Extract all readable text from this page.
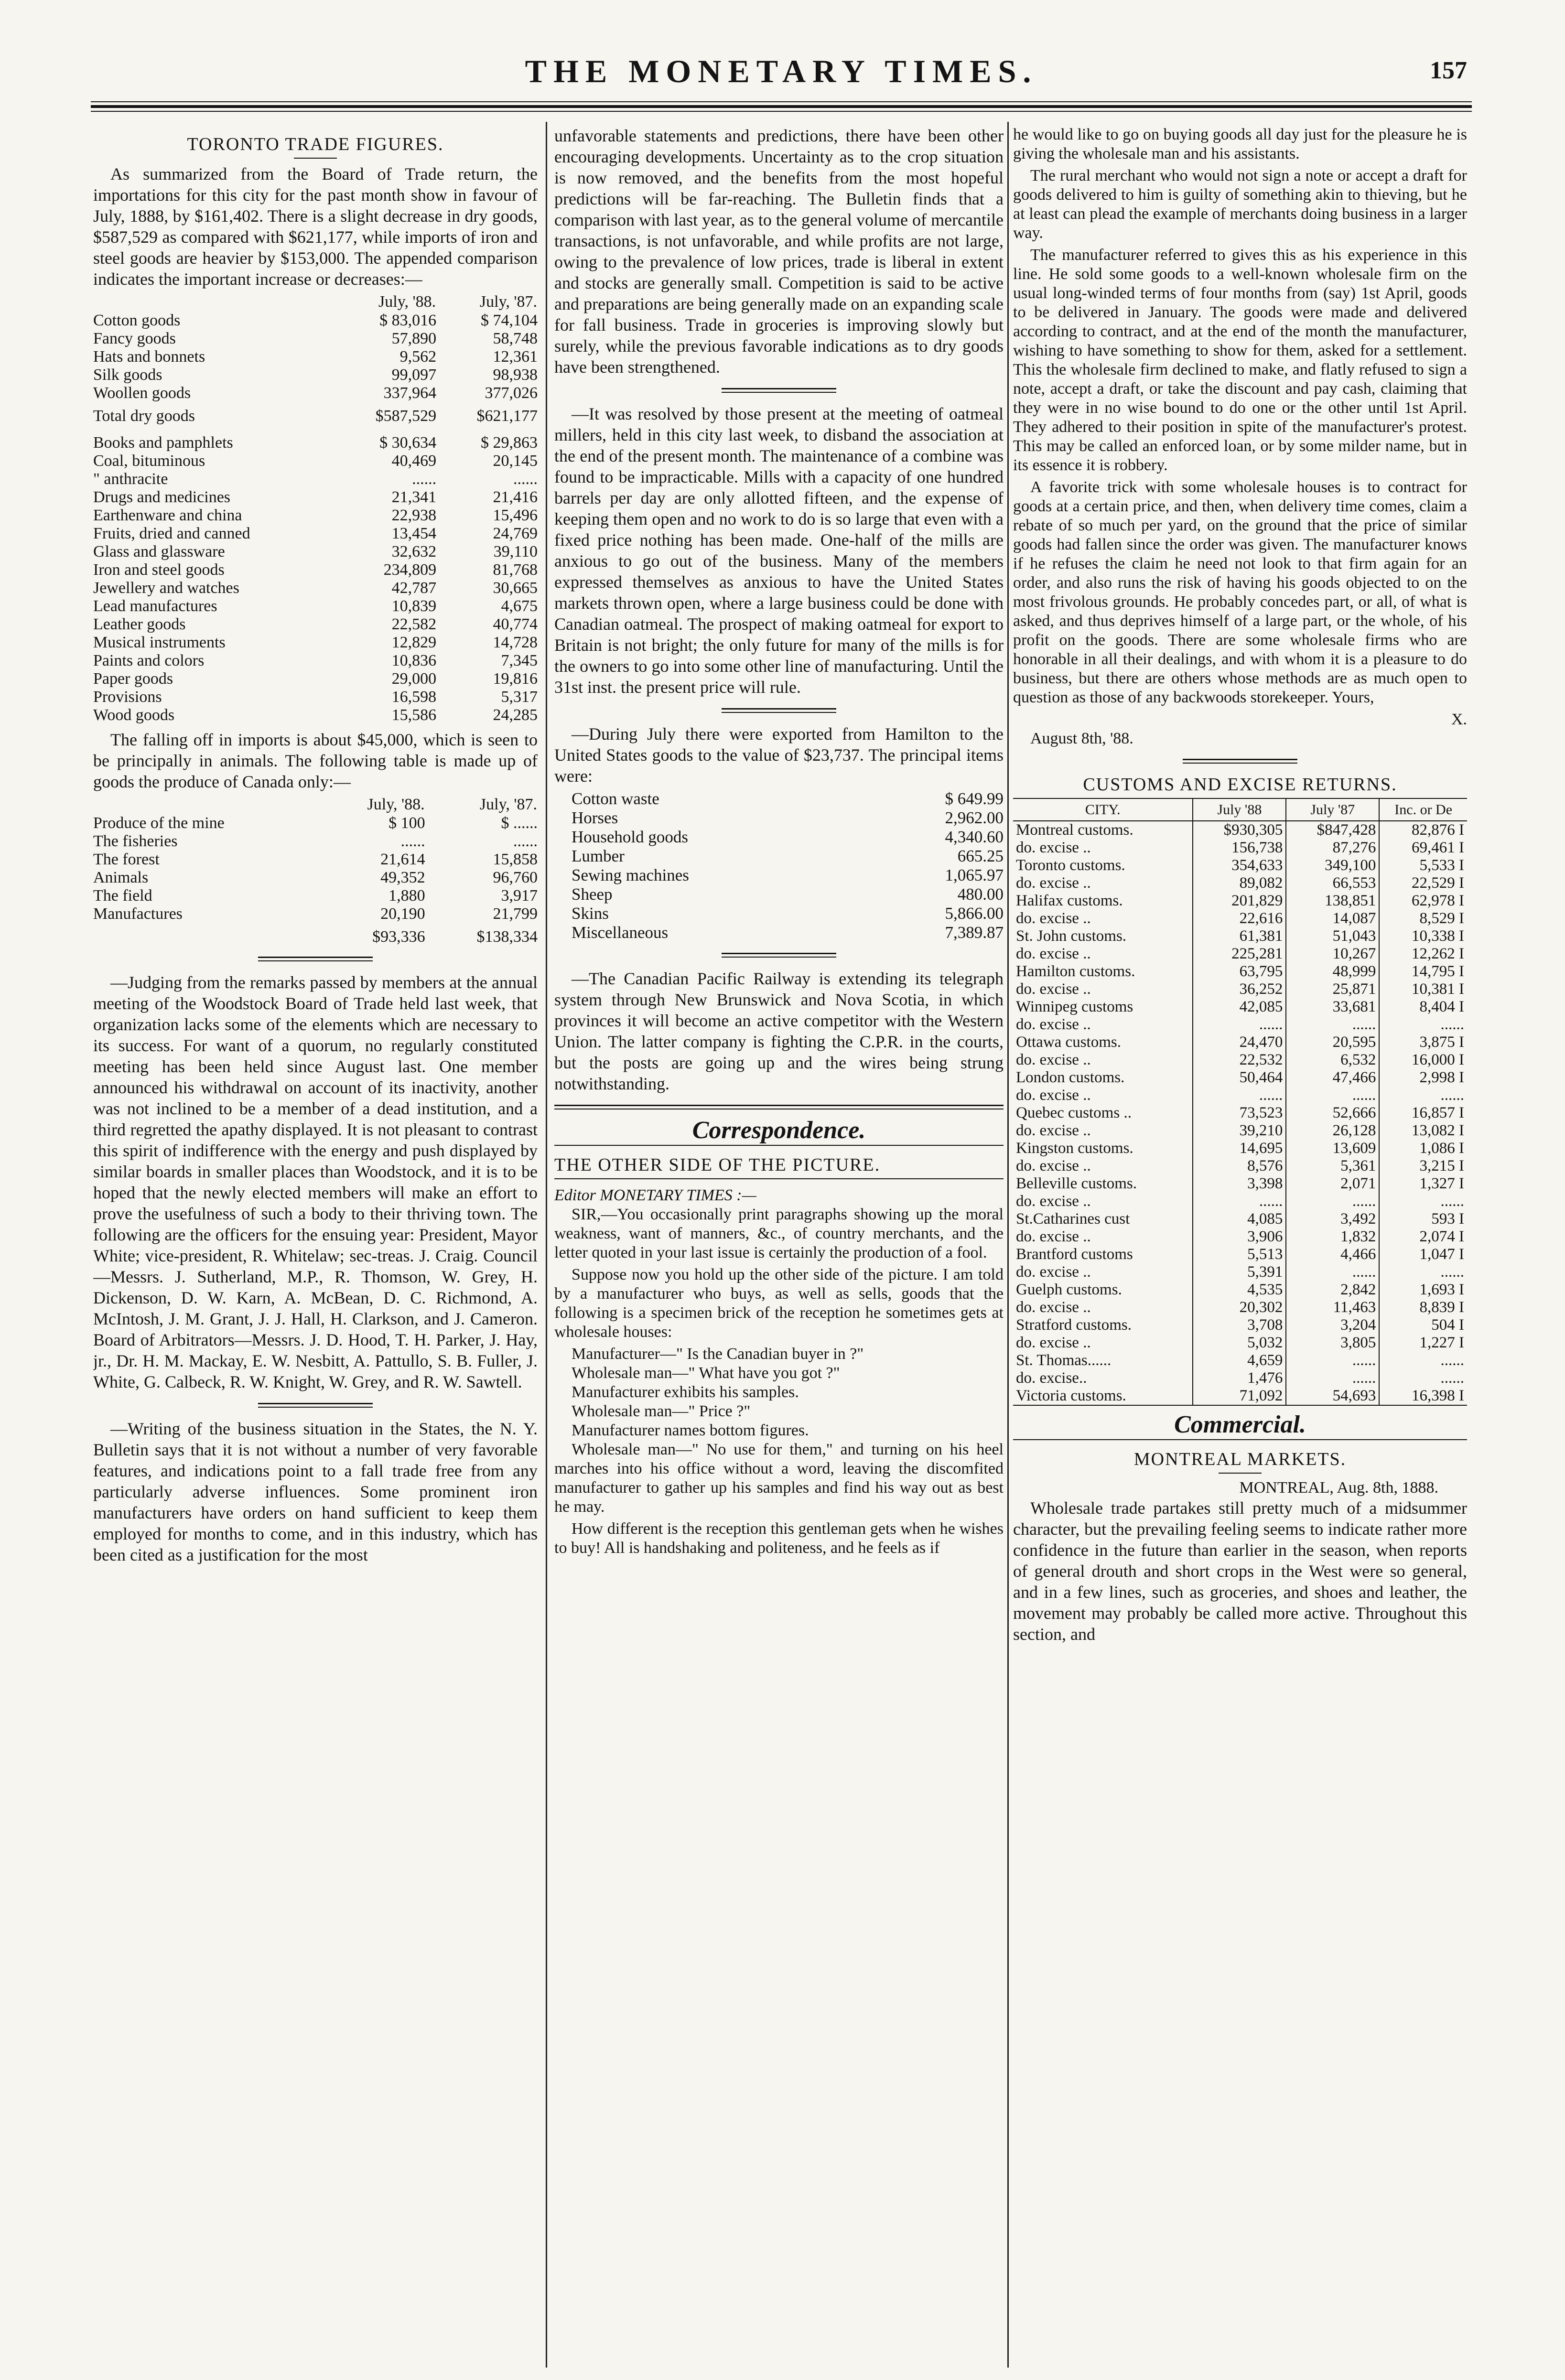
THE MONETARY TIMES.	157
TORONTO TRADE FIGURES.

As summarized from the Board of Trade return, the importations for this city for the past month show in favour of July, 1888, by $161,402. There is a slight decrease in dry goods, $587,529 as compared with $621,177, while imports of iron and steel goods are heavier by $153,000. The appended comparison indicates the important increase or decreases:—

	July, '88.	July, '87.
Cotton goods	$ 83,016	$ 74,104
Fancy goods	57,890	58,748
Hats and bonnets	9,562	12,361
Silk goods	99,097	98,938
Woollen goods	337,964	377,026
Total dry goods	$587,529	$621,177
Books and pamphlets	$ 30,634	$ 29,863
Coal, bituminous	40,469	20,145
" anthracite	......	......
Drugs and medicines	21,341	21,416
Earthenware and china	22,938	15,496
Fruits, dried and canned	13,454	24,769
Glass and glassware	32,632	39,110
Iron and steel goods	234,809	81,768
Jewellery and watches	42,787	30,665
Lead manufactures	10,839	4,675
Leather goods	22,582	40,774
Musical instruments	12,829	14,728
Paints and colors	10,836	7,345
Paper goods	29,000	19,816
Provisions	16,598	5,317
Wood goods	15,586	24,285

The falling off in imports is about $45,000, which is seen to be principally in animals. The following table is made up of goods the produce of Canada only:—

	July, '88.	July, '87.
Produce of the mine	$ 100	$ ......
The fisheries	......	......
The forest	21,614	15,858
Animals	49,352	96,760
The field	1,880	3,917
Manufactures	20,190	21,799
	$93,336	$138,334

—Judging from the remarks passed by members at the annual meeting of the Woodstock Board of Trade held last week, that organization lacks some of the elements which are necessary to its success. For want of a quorum, no regularly constituted meeting has been held since August last. One member announced his withdrawal on account of its inactivity, another was not inclined to be a member of a dead institution, and a third regretted the apathy displayed. It is not pleasant to contrast this spirit of indifference with the energy and push displayed by similar boards in smaller places than Woodstock, and it is to be hoped that the newly elected members will make an effort to prove the usefulness of such a body to their thriving town. The following are the officers for the ensuing year: President, Mayor White; vice-president, R. Whitelaw; sec-treas. J. Craig. Council—Messrs. J. Sutherland, M.P., R. Thomson, W. Grey, H. Dickenson, D. W. Karn, A. McBean, D. C. Richmond, A. McIntosh, J. M. Grant, J. J. Hall, H. Clarkson, and J. Cameron. Board of Arbitrators—Messrs. J. D. Hood, T. H. Parker, J. Hay, jr., Dr. H. M. Mackay, E. W. Nesbitt, A. Pattullo, S. B. Fuller, J. White, G. Calbeck, R. W. Knight, W. Grey, and R. W. Sawtell.

—Writing of the business situation in the States, the N. Y. Bulletin says that it is not without a number of very favorable features, and indications point to a fall trade free from any particularly adverse influences. Some prominent iron manufacturers have orders on hand sufficient to keep them employed for months to come, and in this industry, which has been cited as a justification for the most

unfavorable statements and predictions, there have been other encouraging developments. Uncertainty as to the crop situation is now removed, and the benefits from the most hopeful predictions will be far-reaching. The Bulletin finds that a comparison with last year, as to the general volume of mercantile transactions, is not unfavorable, and while profits are not large, owing to the prevalence of low prices, trade is liberal in extent and stocks are generally small. Competition is said to be active and preparations are being generally made on an expanding scale for fall business. Trade in groceries is improving slowly but surely, while the previous favorable indications as to dry goods have been strengthened.

—It was resolved by those present at the meeting of oatmeal millers, held in this city last week, to disband the association at the end of the present month. The maintenance of a combine was found to be impracticable. Mills with a capacity of one hundred barrels per day are only allotted fifteen, and the expense of keeping them open and no work to do is so large that even with a fixed price nothing has been made. One-half of the mills are anxious to go out of the business. Many of the members expressed themselves as anxious to have the United States markets thrown open, where a large business could be done with Canadian oatmeal. The prospect of making oatmeal for export to Britain is not bright; the only future for many of the mills is for the owners to go into some other line of manufacturing. Until the 31st inst. the present price will rule.

—During July there were exported from Hamilton to the United States goods to the value of $23,737. The principal items were:

Cotton waste	$ 649.99
Horses	2,962.00
Household goods	4,340.60
Lumber	665.25
Sewing machines	1,065.97
Sheep	480.00
Skins	5,866.00
Miscellaneous	7,389.87

—The Canadian Pacific Railway is extending its telegraph system through New Brunswick and Nova Scotia, in which provinces it will become an active competitor with the Western Union. The latter company is fighting the C.P.R. in the courts, but the posts are going up and the wires being strung notwithstanding.

Correspondence.
THE OTHER SIDE OF THE PICTURE.
Editor MONETARY TIMES :—

SIR,—You occasionally print paragraphs showing up the moral weakness, want of manners, &c., of country merchants, and the letter quoted in your last issue is certainly the production of a fool.

Suppose now you hold up the other side of the picture. I am told by a manufacturer who buys, as well as sells, goods that the following is a specimen brick of the reception he sometimes gets at wholesale houses:

Manufacturer—" Is the Canadian buyer in ?"
Wholesale man—" What have you got ?"
Manufacturer exhibits his samples.
Wholesale man—" Price ?"
Manufacturer names bottom figures.

Wholesale man—" No use for them," and turning on his heel marches into his office without a word, leaving the discomfited manufacturer to gather up his samples and find his way out as best he may.

How different is the reception this gentleman gets when he wishes to buy! All is handshaking and politeness, and he feels as if

he would like to go on buying goods all day just for the pleasure he is giving the wholesale man and his assistants.

The rural merchant who would not sign a note or accept a draft for goods delivered to him is guilty of something akin to thieving, but he at least can plead the example of merchants doing business in a larger way.

The manufacturer referred to gives this as his experience in this line. He sold some goods to a well-known wholesale firm on the usual long-winded terms of four months from (say) 1st April, goods to be delivered in January. The goods were made and delivered according to contract, and at the end of the month the manufacturer, wishing to have something to show for them, asked for a settlement. This the wholesale firm declined to make, and flatly refused to sign a note, accept a draft, or take the discount and pay cash, claiming that they were in no wise bound to do one or the other until 1st April. They adhered to their position in spite of the manufacturer's protest. This may be called an enforced loan, or by some milder name, but in its essence it is robbery.

A favorite trick with some wholesale houses is to contract for goods at a certain price, and then, when delivery time comes, claim a rebate of so much per yard, on the ground that the price of similar goods had fallen since the order was given. The manufacturer knows if he refuses the claim he need not look to that firm again for an order, and also runs the risk of having his goods objected to on the most frivolous grounds. He probably concedes part, or all, of what is asked, and thus deprives himself of a large part, or the whole, of his profit on the goods. There are some wholesale firms who are honorable in all their dealings, and with whom it is a pleasure to do business, but there are others whose methods are as much open to question as those of any backwoods storekeeper. Yours,

X.
August 8th, '88.
CUSTOMS AND EXCISE RETURNS.
CITY.	July '88	July '87	Inc. or De
Montreal customs.	$930,305	$847,428	82,876 I
do. excise ..	156,738	87,276	69,461 I
Toronto customs.	354,633	349,100	5,533 I
do. excise ..	89,082	66,553	22,529 I
Halifax customs.	201,829	138,851	62,978 I
do. excise ..	22,616	14,087	8,529 I
St. John customs.	61,381	51,043	10,338 I
do. excise ..	225,281	10,267	12,262 I
Hamilton customs.	63,795	48,999	14,795 I
do. excise ..	36,252	25,871	10,381 I
Winnipeg customs	42,085	33,681	8,404 I
do. excise ..	......	......	......
Ottawa customs.	24,470	20,595	3,875 I
do. excise ..	22,532	6,532	16,000 I
London customs.	50,464	47,466	2,998 I
do. excise ..	......	......	......
Quebec customs ..	73,523	52,666	16,857 I
do. excise ..	39,210	26,128	13,082 I
Kingston customs.	14,695	13,609	1,086 I
do. excise ..	8,576	5,361	3,215 I
Belleville customs.	3,398	2,071	1,327 I
do. excise ..	......	......	......
St.Catharines cust	4,085	3,492	593 I
do. excise ..	3,906	1,832	2,074 I
Brantford customs	5,513	4,466	1,047 I
do. excise ..	5,391	......	......
Guelph customs.	4,535	2,842	1,693 I
do. excise ..	20,302	11,463	8,839 I
Stratford customs.	3,708	3,204	504 I
do. excise ..	5,032	3,805	1,227 I
St. Thomas......	4,659	......	......
do. excise..	1,476	......	......
Victoria customs.	71,092	54,693	16,398 I
Commercial.
MONTREAL MARKETS.
MONTREAL, Aug. 8th, 1888.

Wholesale trade partakes still pretty much of a midsummer character, but the prevailing feeling seems to indicate rather more confidence in the future than earlier in the season, when reports of general drouth and short crops in the West were so general, and in a few lines, such as groceries, and shoes and leather, the movement may probably be called more active. Throughout this section, and
